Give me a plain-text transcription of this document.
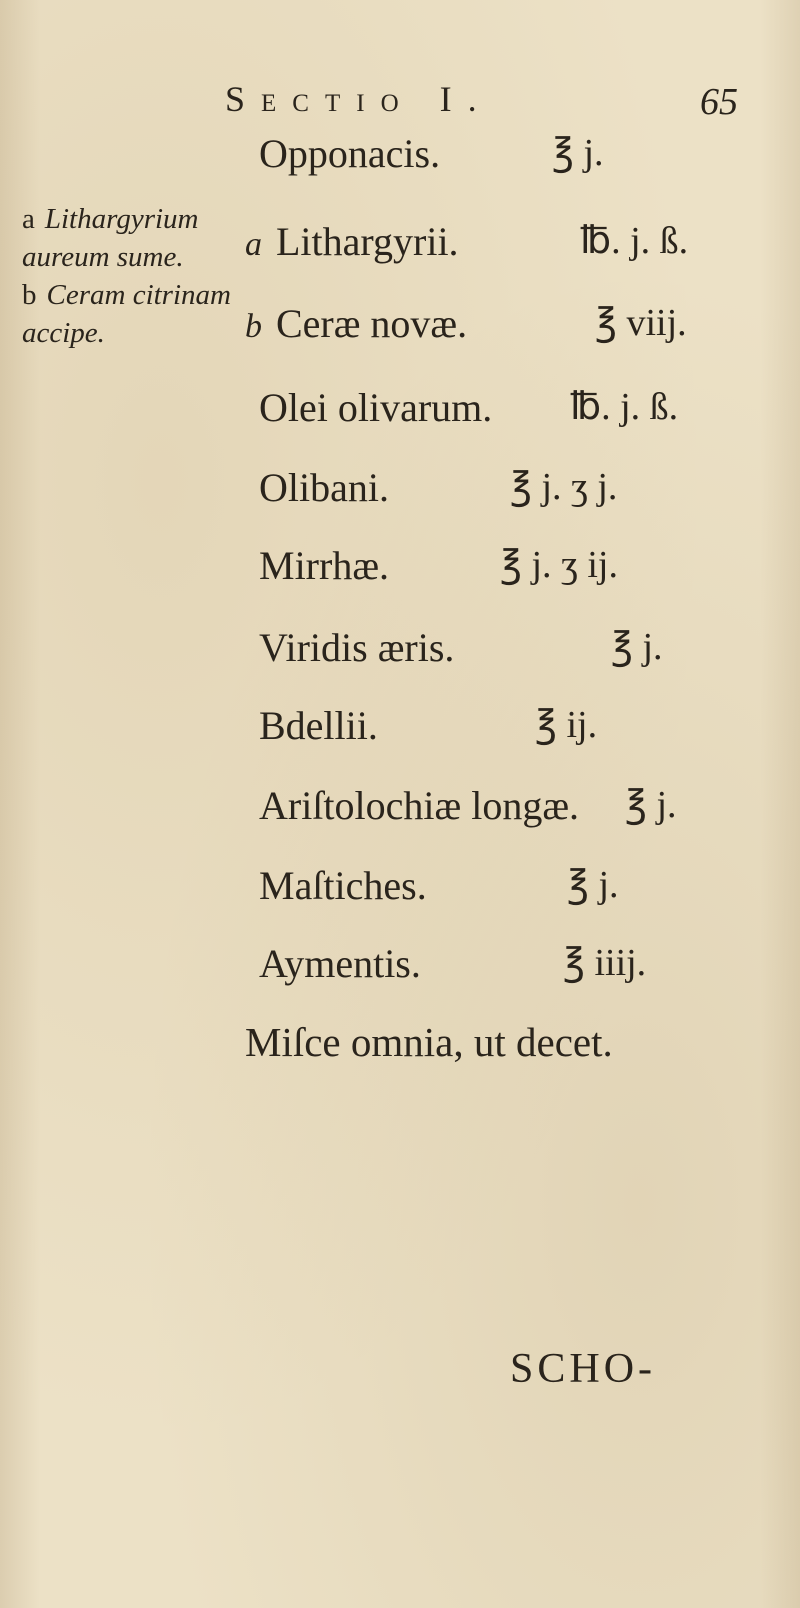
Sectio I.	65
a Lithargyrium aureum sume.
b Ceram citrinam accipe.
Opponacis.	℥ j.
a Lithargyrii.	℔. j. ß.
b Ceræ novæ.	℥ viij.
Olei olivarum. ℔. j. ß.
Olibani.	℥ j. ʒ j.
Mirrhæ.	℥ j. ʒ ij.
Viridis æris.	℥ j.
Bdellii.	℥ ij.
Ariſtolochiæ longæ. ℥ j.
Maſtiches.	℥ j.
Aymentis.	℥ iiij.
Miſce omnia, ut decet.
SCHO-
